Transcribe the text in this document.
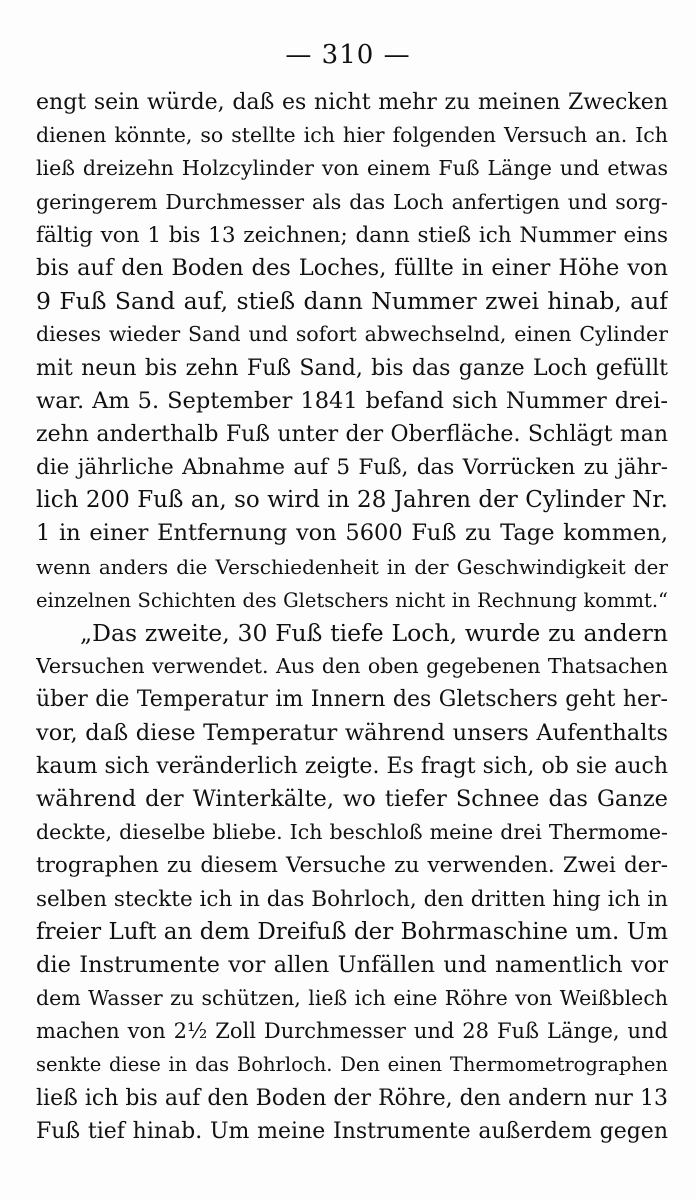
— 310 —
engt sein würde, daß es nicht mehr zu meinen Zwecken
dienen könnte, so stellte ich hier folgenden Versuch an. Ich
ließ dreizehn Holzcylinder von einem Fuß Länge und etwas
geringerem Durchmesser als das Loch anfertigen und sorg-
fältig von 1 bis 13 zeichnen; dann stieß ich Nummer eins
bis auf den Boden des Loches, füllte in einer Höhe von
9 Fuß Sand auf, stieß dann Nummer zwei hinab, auf
dieses wieder Sand und sofort abwechselnd, einen Cylinder
mit neun bis zehn Fuß Sand, bis das ganze Loch gefüllt
war. Am 5. September 1841 befand sich Nummer drei-
zehn anderthalb Fuß unter der Oberfläche. Schlägt man
die jährliche Abnahme auf 5 Fuß, das Vorrücken zu jähr-
lich 200 Fuß an, so wird in 28 Jahren der Cylinder Nr.
1 in einer Entfernung von 5600 Fuß zu Tage kommen,
wenn anders die Verschiedenheit in der Geschwindigkeit der
einzelnen Schichten des Gletschers nicht in Rechnung kommt.“
„Das zweite, 30 Fuß tiefe Loch, wurde zu andern
Versuchen verwendet. Aus den oben gegebenen Thatsachen
über die Temperatur im Innern des Gletschers geht her-
vor, daß diese Temperatur während unsers Aufenthalts
kaum sich veränderlich zeigte. Es fragt sich, ob sie auch
während der Winterkälte, wo tiefer Schnee das Ganze
deckte, dieselbe bliebe. Ich beschloß meine drei Thermome-
trographen zu diesem Versuche zu verwenden. Zwei der-
selben steckte ich in das Bohrloch, den dritten hing ich in
freier Luft an dem Dreifuß der Bohrmaschine um. Um
die Instrumente vor allen Unfällen und namentlich vor
dem Wasser zu schützen, ließ ich eine Röhre von Weißblech
machen von 2½ Zoll Durchmesser und 28 Fuß Länge, und
senkte diese in das Bohrloch. Den einen Thermometrographen
ließ ich bis auf den Boden der Röhre, den andern nur 13
Fuß tief hinab. Um meine Instrumente außerdem gegen
